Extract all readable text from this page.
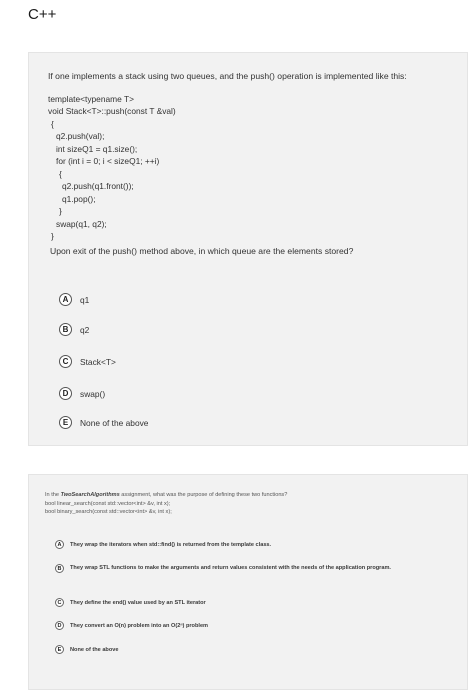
C++
If one implements a stack using two queues, and the push() operation is implemented like this:
template<typename T>
void Stack<T>::push(const T &val)
{
q2.push(val);
int sizeQ1 = q1.size();
for (int i = 0; i < sizeQ1; ++i)
{
q2.push(q1.front());
q1.pop();
}
swap(q1, q2);
}
Upon exit of the push() method above, in which queue are the elements stored?
A	q1
B	q2
C	Stack<T>
D	swap()
E	None of the above
In the TwoSearchAlgorithms assignment, what was the purpose of defining these two functions?
bool linear_search(const std::vector<int> &v, int x);
bool binary_search(const std::vector<int> &v, int x);
A	They wrap the iterators when std::find() is returned from the template class.
B	They wrap STL functions to make the arguments and return values consistent with the needs of the application program.
C	They define the end() value used by an STL iterator
D	They convert an O(n) problem into an O(2ⁿ) problem
E	None of the above
